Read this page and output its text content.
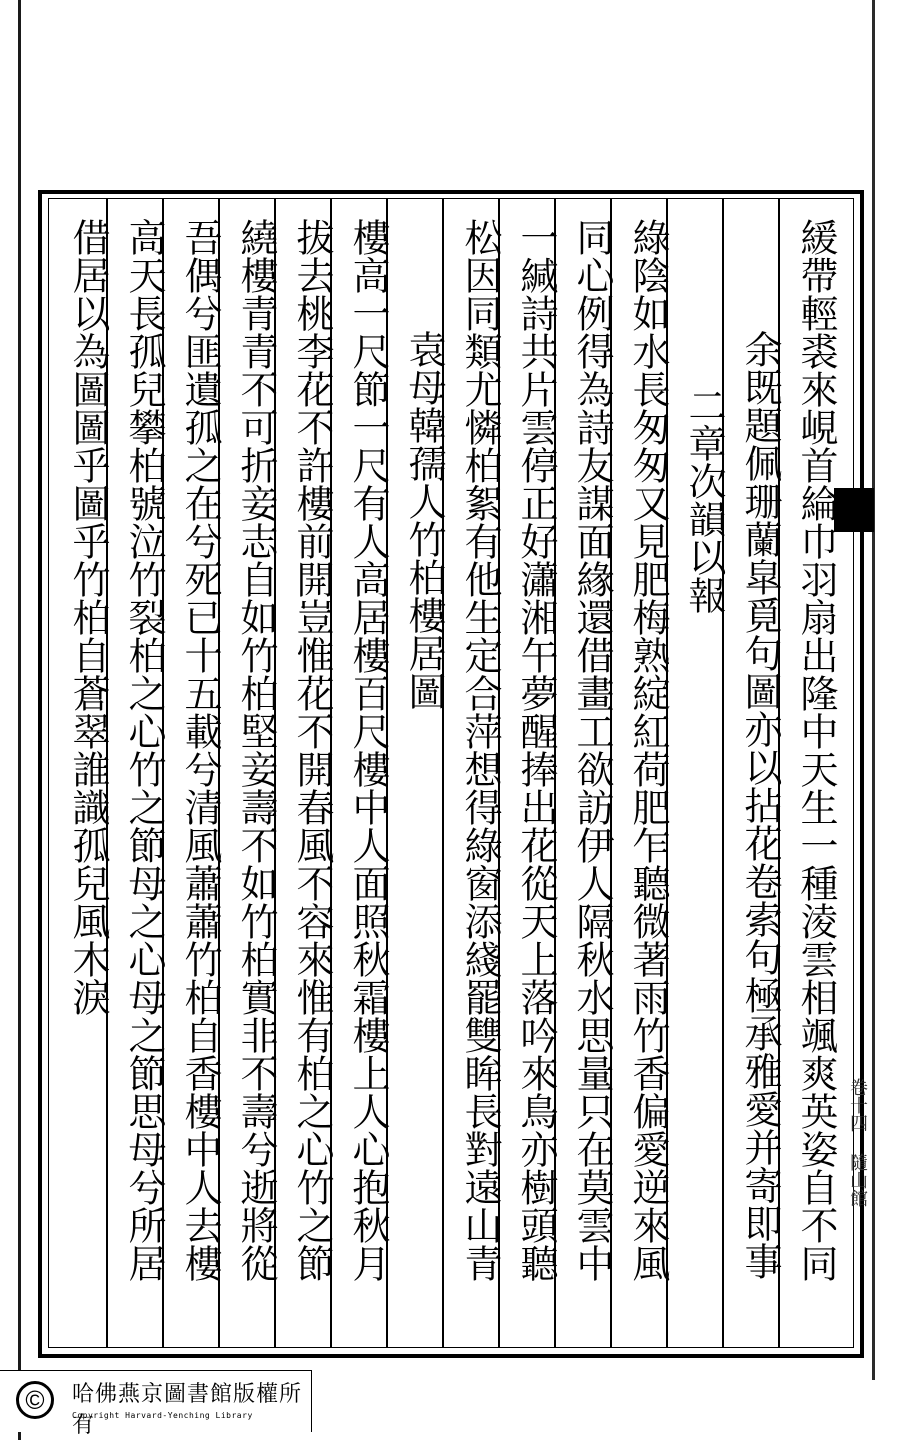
卷十四 隨山館
緩帶輕裘來峴首綸巾羽扇出隆中天生一種淩雲相颯爽英姿自不同
余既題佩珊蘭皐覓句圖亦以拈花卷索句極承雅愛并寄即事
二章次韻以報
綠陰如水長匆匆又見肥梅熟綻紅荷肥乍聽微著雨竹香偏愛逆來風
同心例得為詩友謀面緣還借畫工欲訪伊人隔秋水思量只在莫雲中
一緘詩共片雲停正好瀟湘午夢醒捧出花從天上落吟來鳥亦樹頭聽
松因同類尤憐柏絮有他生定合萍想得綠窗添綫罷雙眸長對遠山青
袁母韓孺人竹柏樓居圖
樓高一尺節一尺有人高居樓百尺樓中人面照秋霜樓上人心抱秋月
拔去桃李花不許樓前開豈惟花不開春風不容來惟有柏之心竹之節
繞樓青青不可折妾志自如竹柏堅妾壽不如竹柏實非不壽兮逝將從
吾偶兮匪遺孤之在兮死已十五載兮清風蕭蕭竹柏自香樓中人去樓
高天長孤兒攀柏號泣竹裂柏之心竹之節母之心母之節思母兮所居
借居以為圖圖乎圖乎竹柏自蒼翠誰識孤兒風木淚
©	哈佛燕京圖書館版權所有
Copyright Harvard-Yenching Library
